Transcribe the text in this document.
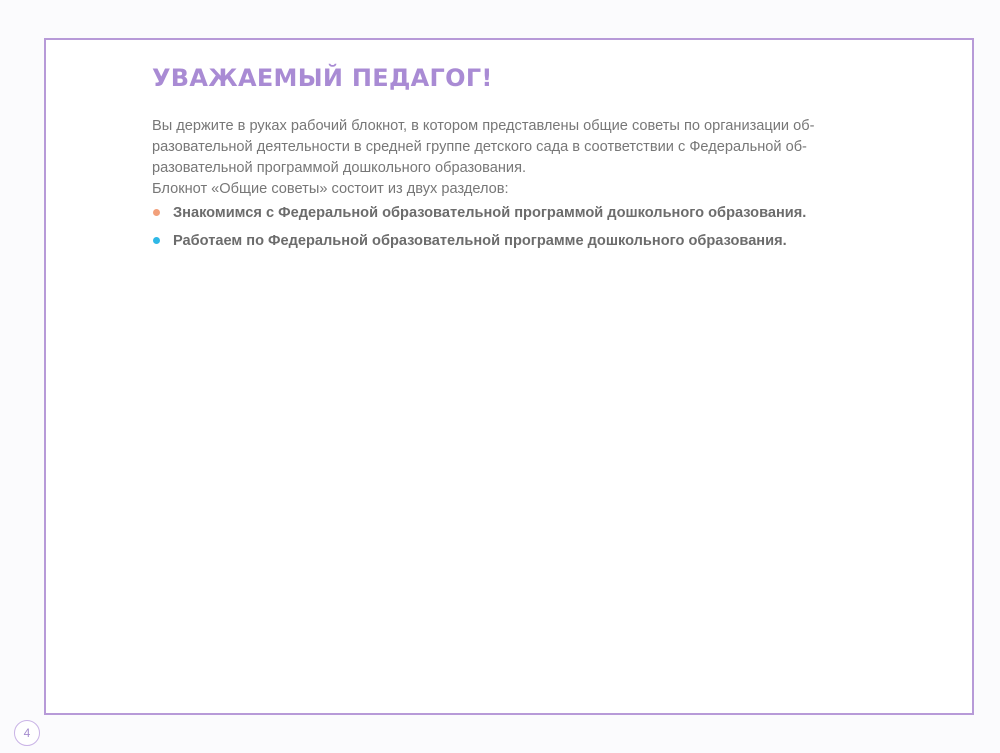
УВАЖАЕМЫЙ ПЕДАГОГ!

Вы держите в руках рабочий блокнот, в котором представлены общие советы по организации об-

разовательной деятельности в средней группе детского сада в соответствии с Федеральной об-

разовательной программой дошкольного образования.

Блокнот «Общие советы» состоит из двух разделов:

Знакомимся с Федеральной образовательной программой дошкольного образования.
Работаем по Федеральной образовательной программе дошкольного образования.
4
